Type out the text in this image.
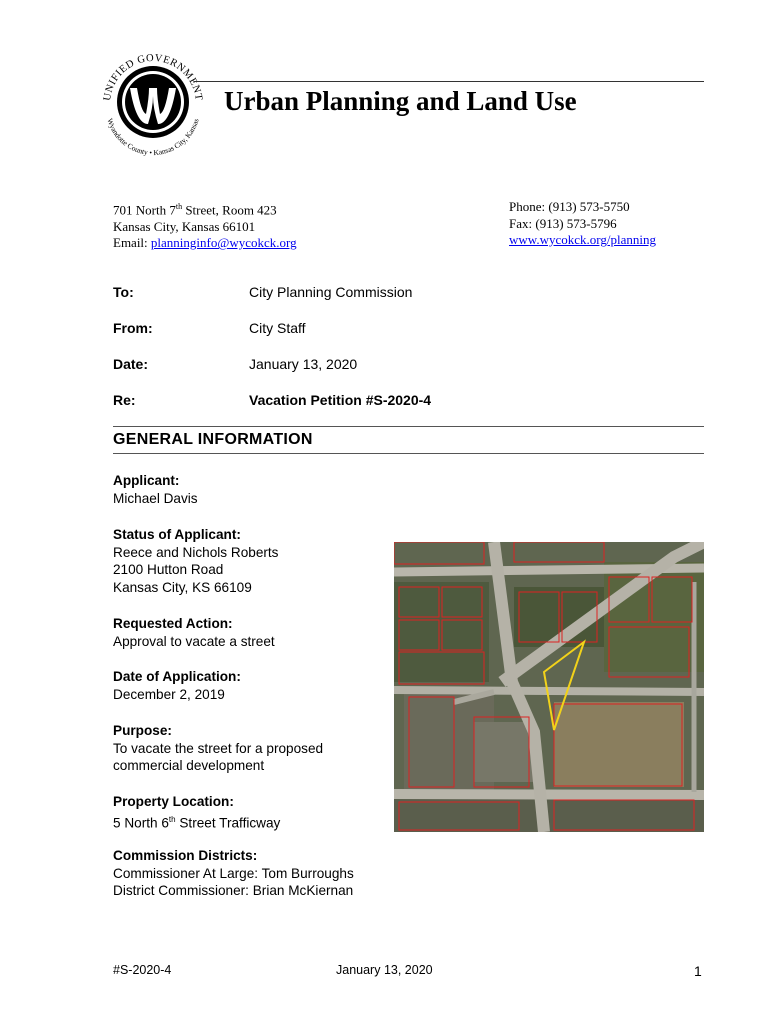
UNIFIED GOVERNMENT
Wyandotte County • Kansas City, Kansas
Urban Planning and Land Use
701 North 7th Street, Room 423
Kansas City, Kansas 66101
Email: planninginfo@wycokck.org
Phone: (913) 573-5750
Fax: (913) 573-5796
www.wycokck.org/planning
To:	City Planning Commission
From:	City Staff
Date:	January 13, 2020
Re:	Vacation Petition #S-2020-4
GENERAL INFORMATION
Applicant:
Michael Davis
Status of Applicant:
Reece and Nichols Roberts
2100 Hutton Road
Kansas City, KS 66109
Requested Action:
Approval to vacate a street
Date of Application:
December 2, 2019
Purpose:
To vacate the street for a proposed
commercial development
Property Location:
5 North 6th Street Trafficway
Commission Districts:
Commissioner At Large: Tom Burroughs
District Commissioner: Brian McKiernan
#S-2020-4	January 13, 2020	1
